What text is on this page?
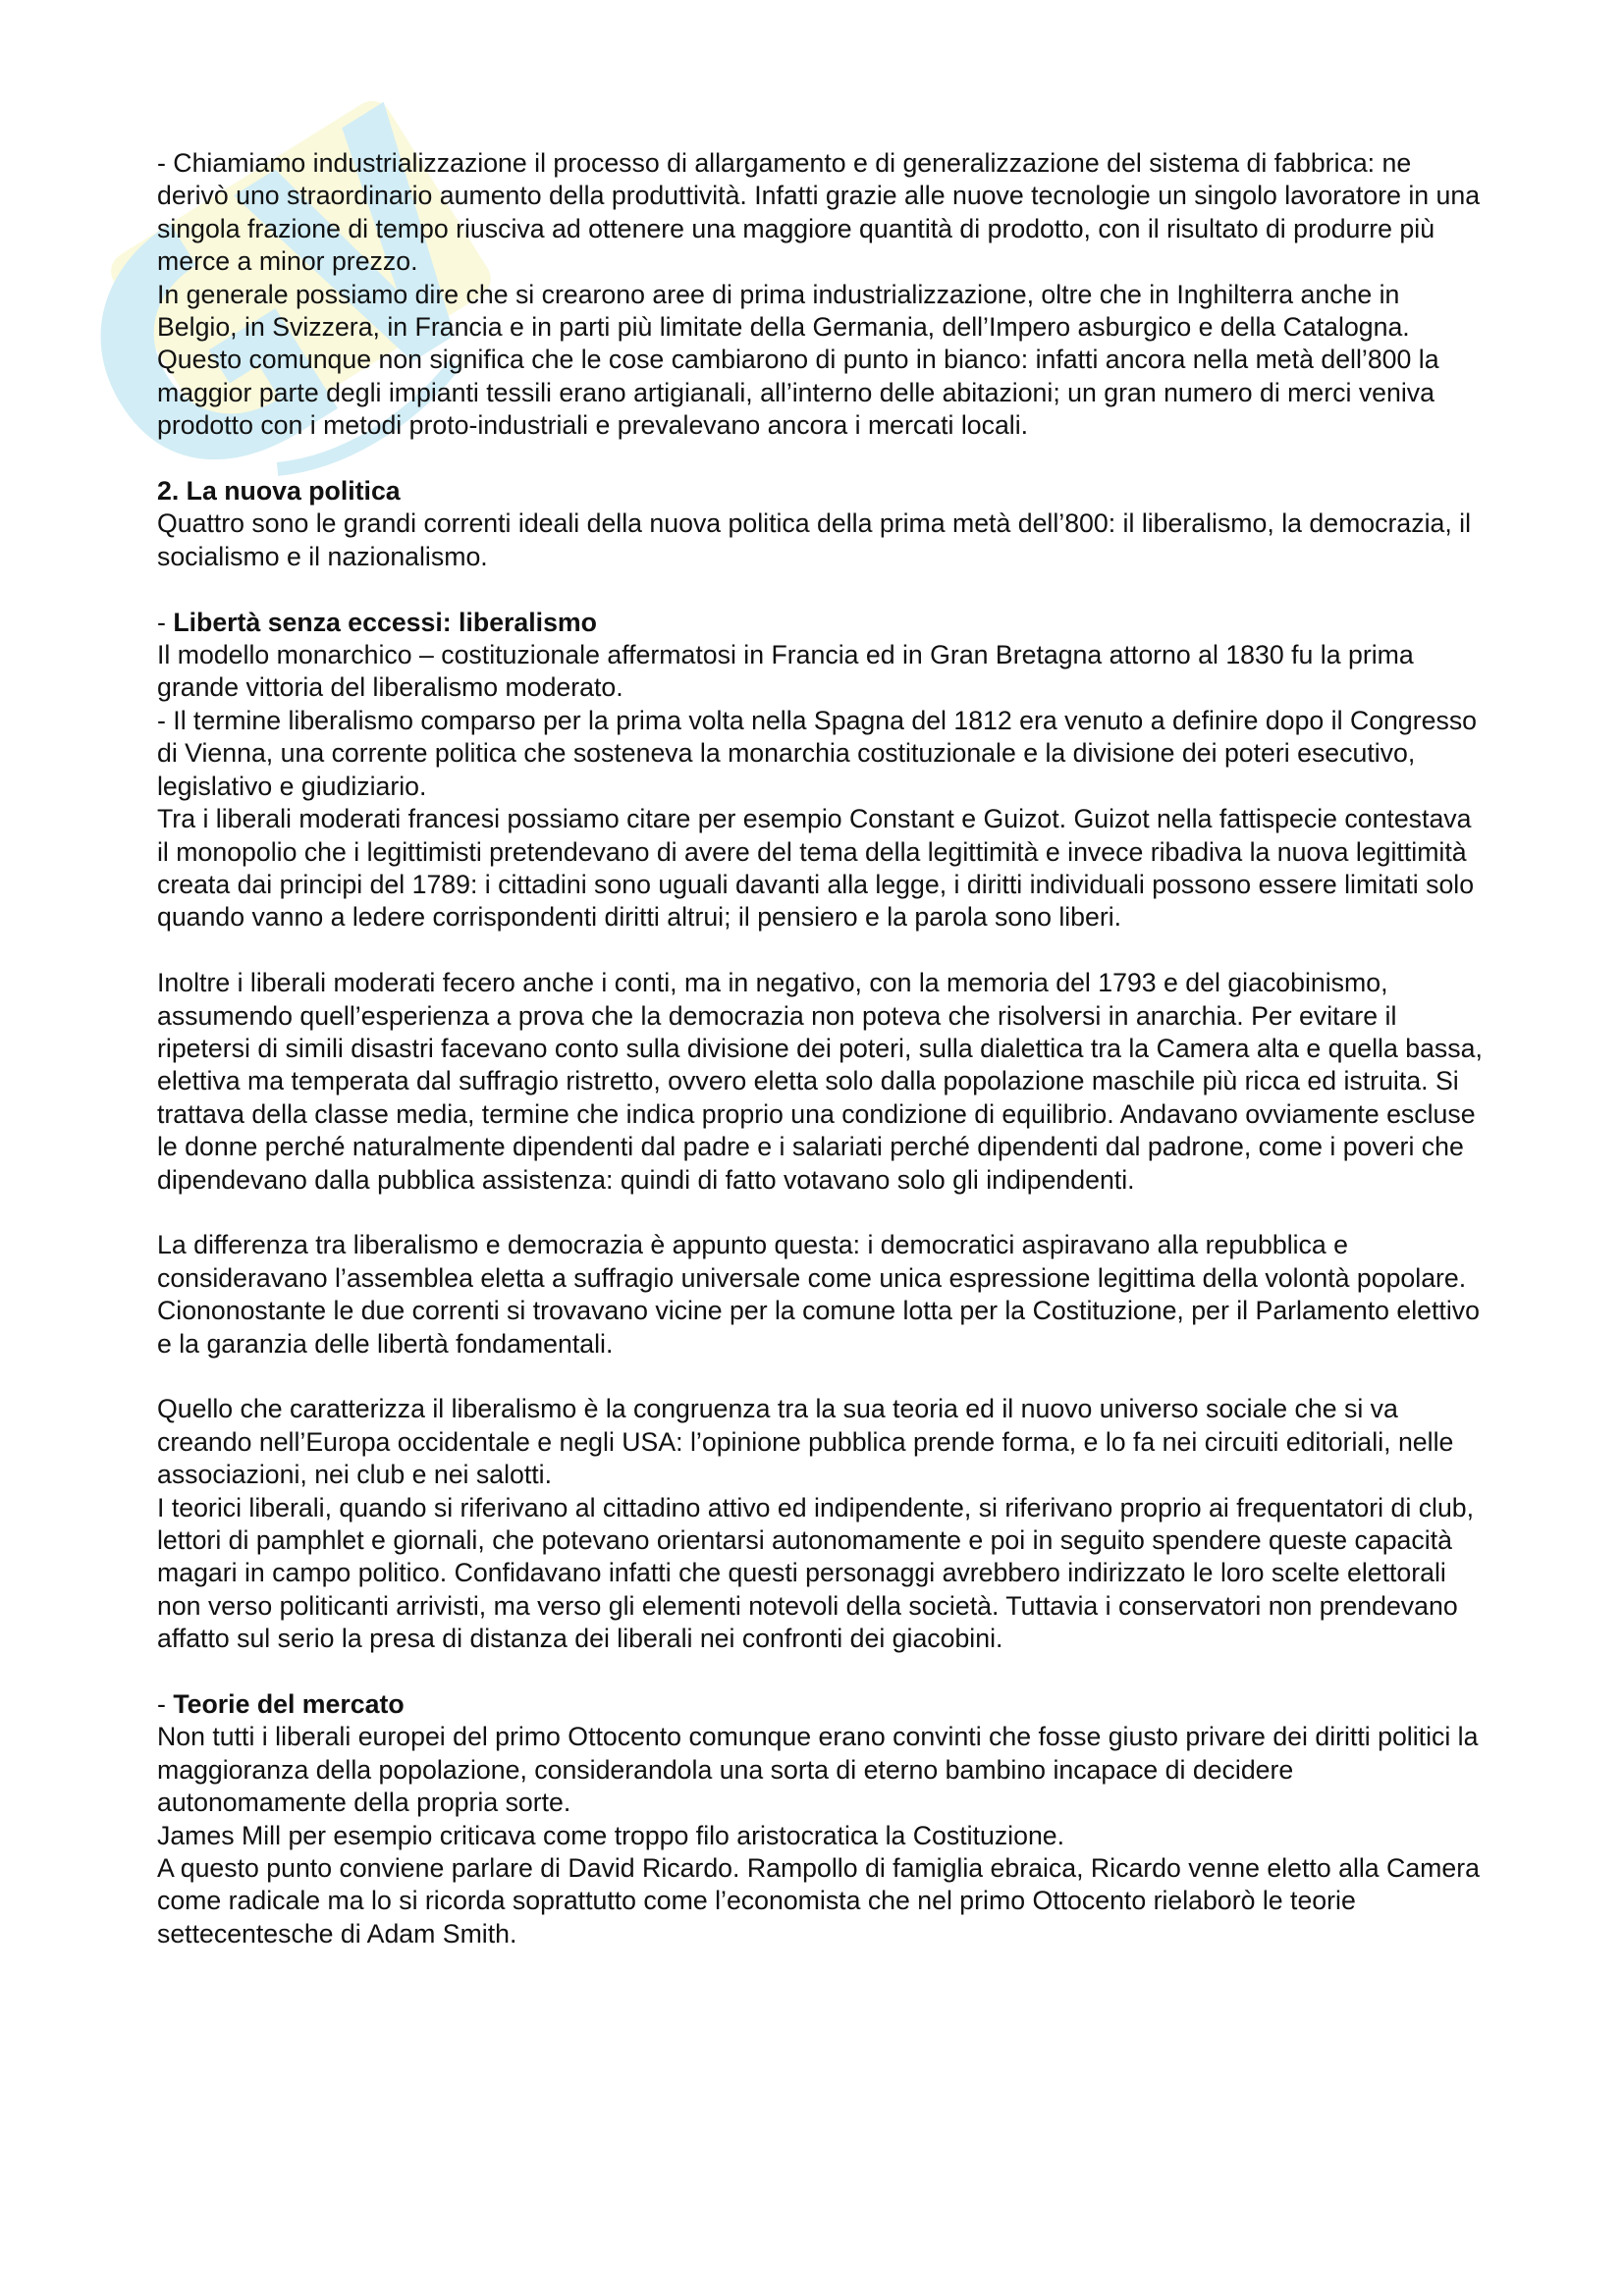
- Chiamiamo industrializzazione il processo di allargamento e di generalizzazione del sistema di fabbrica: ne derivò uno straordinario aumento della produttività. Infatti grazie alle nuove tecnologie un singolo lavoratore in una singola frazione di tempo riusciva ad ottenere una maggiore quantità di prodotto, con il risultato di produrre più merce a minor prezzo.

In generale possiamo dire che si crearono aree di prima industrializzazione, oltre che in Inghilterra anche in Belgio, in Svizzera, in Francia e in parti più limitate della Germania, dell’Impero asburgico e della Catalogna. Questo comunque non significa che le cose cambiarono di punto in bianco: infatti ancora nella metà dell’800 la maggior parte degli impianti tessili erano artigianali, all’interno delle abitazioni; un gran numero di merci veniva prodotto con i metodi proto-industriali e prevalevano ancora i mercati locali.

2. La nuova politica

Quattro sono le grandi correnti ideali della nuova politica della prima metà dell’800: il liberalismo, la democrazia, il socialismo e il nazionalismo.

- Libertà senza eccessi: liberalismo

Il modello monarchico – costituzionale affermatosi in Francia ed in Gran Bretagna attorno al 1830 fu la prima grande vittoria del liberalismo moderato.

- Il termine liberalismo comparso per la prima volta nella Spagna del 1812 era venuto a definire dopo il Congresso di Vienna, una corrente politica che sosteneva la monarchia costituzionale e la divisione dei poteri esecutivo, legislativo e giudiziario.

Tra i liberali moderati francesi possiamo citare per esempio Constant e Guizot. Guizot nella fattispecie contestava il monopolio che i legittimisti pretendevano di avere del tema della legittimità e invece ribadiva la nuova legittimità creata dai principi del 1789: i cittadini sono uguali davanti alla legge, i diritti individuali possono essere limitati solo quando vanno a ledere corrispondenti diritti altrui; il pensiero e la parola sono liberi.

Inoltre i liberali moderati fecero anche i conti, ma in negativo, con la memoria del 1793 e del giacobinismo, assumendo quell’esperienza a prova che la democrazia non poteva che risolversi in anarchia. Per evitare il ripetersi di simili disastri facevano conto sulla divisione dei poteri, sulla dialettica tra la Camera alta e quella bassa, elettiva ma temperata dal suffragio ristretto, ovvero eletta solo dalla popolazione maschile più ricca ed istruita. Si trattava della classe media, termine che indica proprio una condizione di equilibrio. Andavano ovviamente escluse le donne perché naturalmente dipendenti dal padre e i salariati perché dipendenti dal padrone, come i poveri che dipendevano dalla pubblica assistenza: quindi di fatto votavano solo gli indipendenti.

La differenza tra liberalismo e democrazia è appunto questa: i democratici aspiravano alla repubblica e consideravano l’assemblea eletta a suffragio universale come unica espressione legittima della volontà popolare.

Ciononostante le due correnti si trovavano vicine per la comune lotta per la Costituzione, per il Parlamento elettivo e la garanzia delle libertà fondamentali.

Quello che caratterizza il liberalismo è la congruenza tra la sua teoria ed il nuovo universo sociale che si va creando nell’Europa occidentale e negli USA: l’opinione pubblica prende forma, e lo fa nei circuiti editoriali, nelle associazioni, nei club e nei salotti.

I teorici liberali, quando si riferivano al cittadino attivo ed indipendente, si riferivano proprio ai frequentatori di club, lettori di pamphlet e giornali, che potevano orientarsi autonomamente e poi in seguito spendere queste capacità magari in campo politico. Confidavano infatti che questi personaggi avrebbero indirizzato le loro scelte elettorali non verso politicanti arrivisti, ma verso gli elementi notevoli della società. Tuttavia i conservatori non prendevano affatto sul serio la presa di distanza dei liberali nei confronti dei giacobini.

- Teorie del mercato

Non tutti i liberali europei del primo Ottocento comunque erano convinti che fosse giusto privare dei diritti politici la maggioranza della popolazione, considerandola una sorta di eterno bambino incapace di decidere autonomamente della propria sorte.

James Mill per esempio criticava come troppo filo aristocratica la Costituzione.

A questo punto conviene parlare di David Ricardo. Rampollo di famiglia ebraica, Ricardo venne eletto alla Camera come radicale ma lo si ricorda soprattutto come l’economista che nel primo Ottocento rielaborò le teorie settecentesche di Adam Smith.
